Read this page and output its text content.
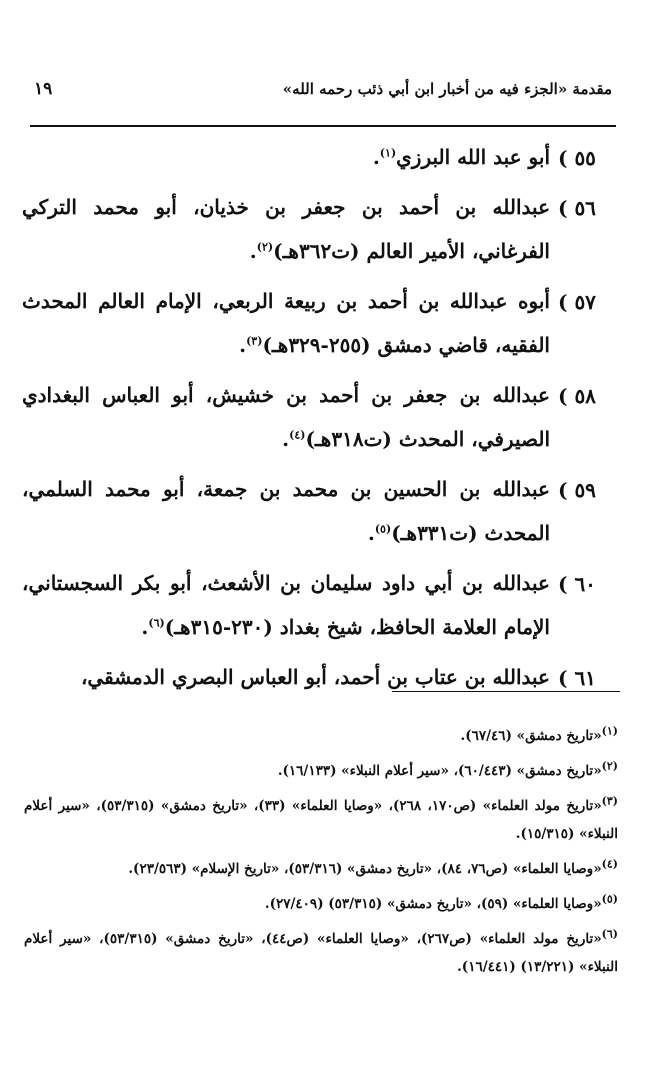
مقدمة «الجزء فيه من أخبار ابن أبي ذئب رحمه الله»
١٩
٥٥ )
أبو عبد الله البرزي$^{(١)}$.
٥٦ )
عبدالله بن أحمد بن جعفر بن خذيان، أبو محمد التركي الفرغاني، الأمير العالم (ت٣٦٢هـ)$^{(٢)}$.
٥٧ )
أبوه عبدالله بن أحمد بن ربيعة الربعي، الإمام العالم المحدث الفقيه، قاضي دمشق (٢٥٥-٣٢٩هـ)$^{(٣)}$.
٥٨ )
عبدالله بن جعفر بن أحمد بن خشيش، أبو العباس البغدادي الصيرفي، المحدث (ت٣١٨هـ)$^{(٤)}$.
٥٩ )
عبدالله بن الحسين بن محمد بن جمعة، أبو محمد السلمي، المحدث (ت٣٣١هـ)$^{(٥)}$.
٦٠ )
عبدالله بن أبي داود سليمان بن الأشعث، أبو بكر السجستاني، الإمام العلامة الحافظ، شيخ بغداد (٢٣٠-٣١٥هـ)$^{(٦)}$.
٦١ )
عبدالله بن عتاب بن أحمد، أبو العباس البصري الدمشقي،
$^{(١)}$«تاريخ دمشق» (٦٧/٤٦).
$^{(٢)}$«تاريخ دمشق» (٦٠/٤٤٣)، «سير أعلام النبلاء» (١٦/١٣٣).
$^{(٣)}$«تاريخ مولد العلماء» (ص١٧٠، ٢٦٨)، «وصايا العلماء» (٣٣)، «تاريخ دمشق» (٥٣/٣١٥)، «سير أعلام النبلاء» (١٥/٣١٥).
$^{(٤)}$«وصايا العلماء» (ص٧٦، ٨٤)، «تاريخ دمشق» (٥٣/٣١٦)، «تاريخ الإسلام» (٢٣/٥٦٣).
$^{(٥)}$«وصايا العلماء» (٥٩)، «تاريخ دمشق» (٥٣/٣١٥) (٢٧/٤٠٩).
$^{(٦)}$«تاريخ مولد العلماء» (ص٢٦٧)، «وصايا العلماء» (ص٤٤)، «تاريخ دمشق» (٥٣/٣١٥)، «سير أعلام النبلاء» (١٣/٢٢١) (١٦/٤٤١).
